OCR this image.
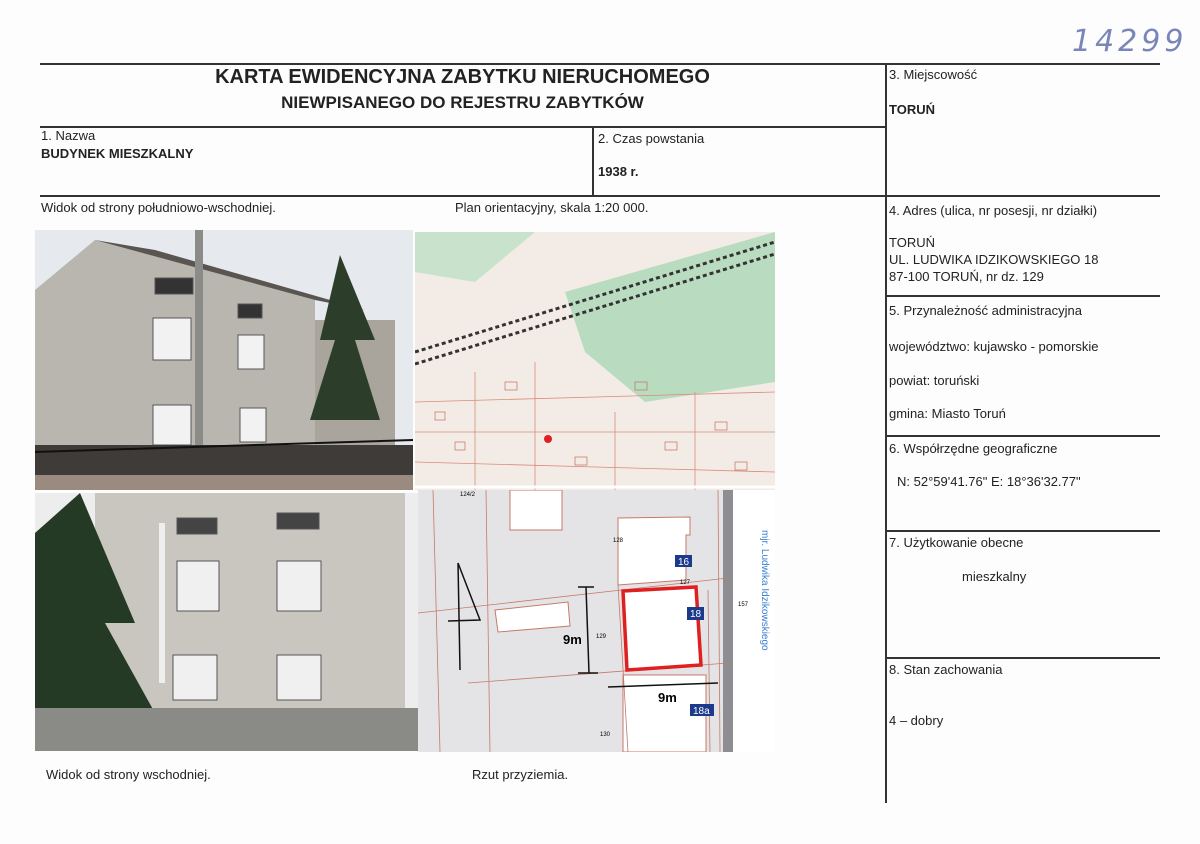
14299
KARTA EWIDENCYJNA ZABYTKU NIERUCHOMEGO
NIEWPISANEGO DO REJESTRU ZABYTKÓW
1. Nazwa
BUDYNEK MIESZKALNY
2. Czas powstania
1938 r.
3. Miejscowość
TORUŃ
4. Adres (ulica, nr posesji, nr działki)
TORUŃ
UL. LUDWIKA IDZIKOWSKIEGO 18
87-100 TORUŃ, nr dz. 129
5. Przynależność administracyjna
województwo: kujawsko - pomorskie
powiat: toruński
gmina: Miasto Toruń
6. Współrzędne geograficzne
N: 52°59'41.76" E: 18°36'32.77"
7. Użytkowanie obecne
mieszkalny
8. Stan zachowania
4 – dobry
Widok od strony południowo-wschodniej.	Plan orientacyjny, skala 1:20 000.
Widok od strony wschodniej.	Rzut przyziemia.
9m
9m
16
18
18a
128
127
129
130
157
124/2
mjr. Ludwika Idzikowskiego
